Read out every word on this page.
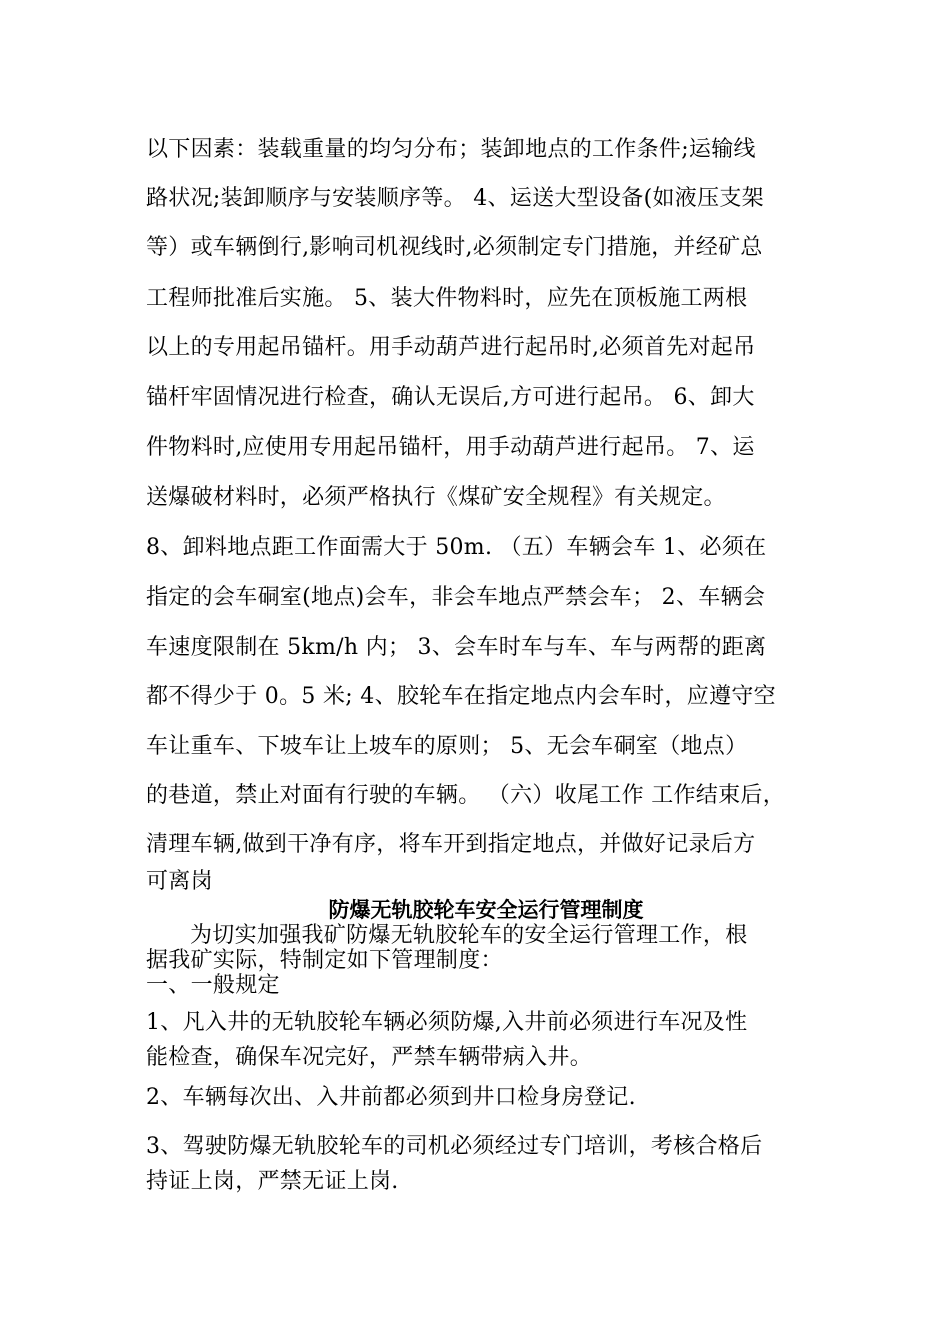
以下因素：装载重量的均匀分布；装卸地点的工作条件;运输线
路状况;装卸顺序与安装顺序等。 4、运送大型设备(如液压支架
等）或车辆倒行,影响司机视线时,必须制定专门措施，并经矿总
工程师批准后实施。 5、装大件物料时，应先在顶板施工两根
以上的专用起吊锚杆。用手动葫芦进行起吊时,必须首先对起吊
锚杆牢固情况进行检查，确认无误后,方可进行起吊。 6、卸大
件物料时,应使用专用起吊锚杆，用手动葫芦进行起吊。 7、运
送爆破材料时，必须严格执行《煤矿安全规程》有关规定。
8、卸料地点距工作面需大于 50m. （五）车辆会车 1、必须在
指定的会车硐室(地点)会车，非会车地点严禁会车； 2、车辆会
车速度限制在 5km/h 内； 3、会车时车与车、车与两帮的距离
都不得少于 0。5 米; 4、胶轮车在指定地点内会车时，应遵守空
车让重车、下坡车让上坡车的原则； 5、无会车硐室（地点）
的巷道，禁止对面有行驶的车辆。 （六）收尾工作 工作结束后，
清理车辆,做到干净有序，将车开到指定地点，并做好记录后方
可离岗
防爆无轨胶轮车安全运行管理制度
为切实加强我矿防爆无轨胶轮车的安全运行管理工作，根
据我矿实际，特制定如下管理制度：
一、一般规定
1、凡入井的无轨胶轮车辆必须防爆,入井前必须进行车况及性
能检查，确保车况完好，严禁车辆带病入井。
2、车辆每次出、入井前都必须到井口检身房登记.
3、驾驶防爆无轨胶轮车的司机必须经过专门培训，考核合格后
持证上岗，严禁无证上岗.
